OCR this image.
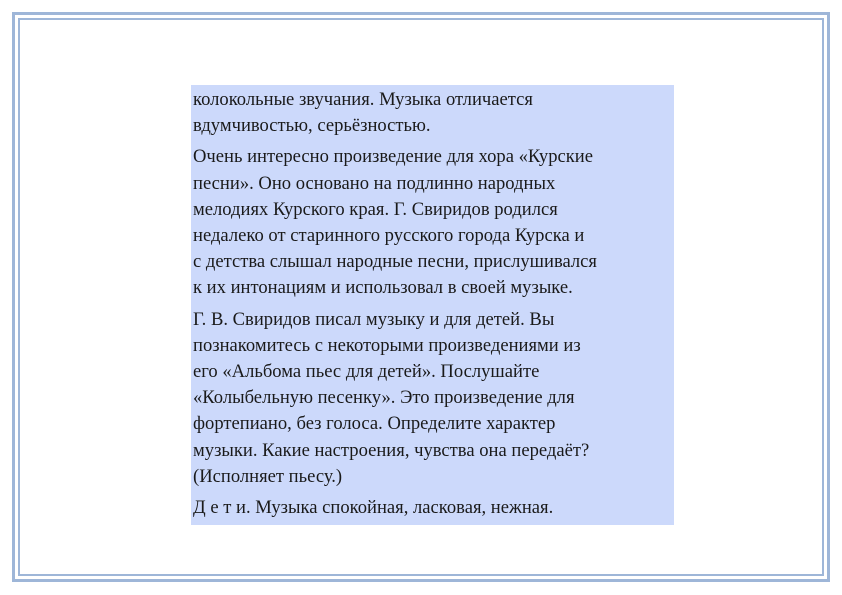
колокольные звучания. Музыка отличается
вдумчивостью, серьёзностью.

Очень интересно произведение для хора «Курские
песни». Оно основано на подлинно народных
мелодиях Курского края. Г. Свиридов родился
недалеко от старинного русского города Курска и
с детства слышал народные песни, прислушивался
к их интонациям и использовал в своей музыке.

Г. В. Свиридов писал музыку и для детей. Вы
познакомитесь с некоторыми произведениями из
его «Альбома пьес для детей». Послушайте
«Колыбельную песенку». Это произведение для
фортепиано, без голоса. Определите характер
музыки. Какие настроения, чувства она передаёт?
(Исполняет пьесу.)

Д е т и. Музыка спокойная, ласковая, нежная.
